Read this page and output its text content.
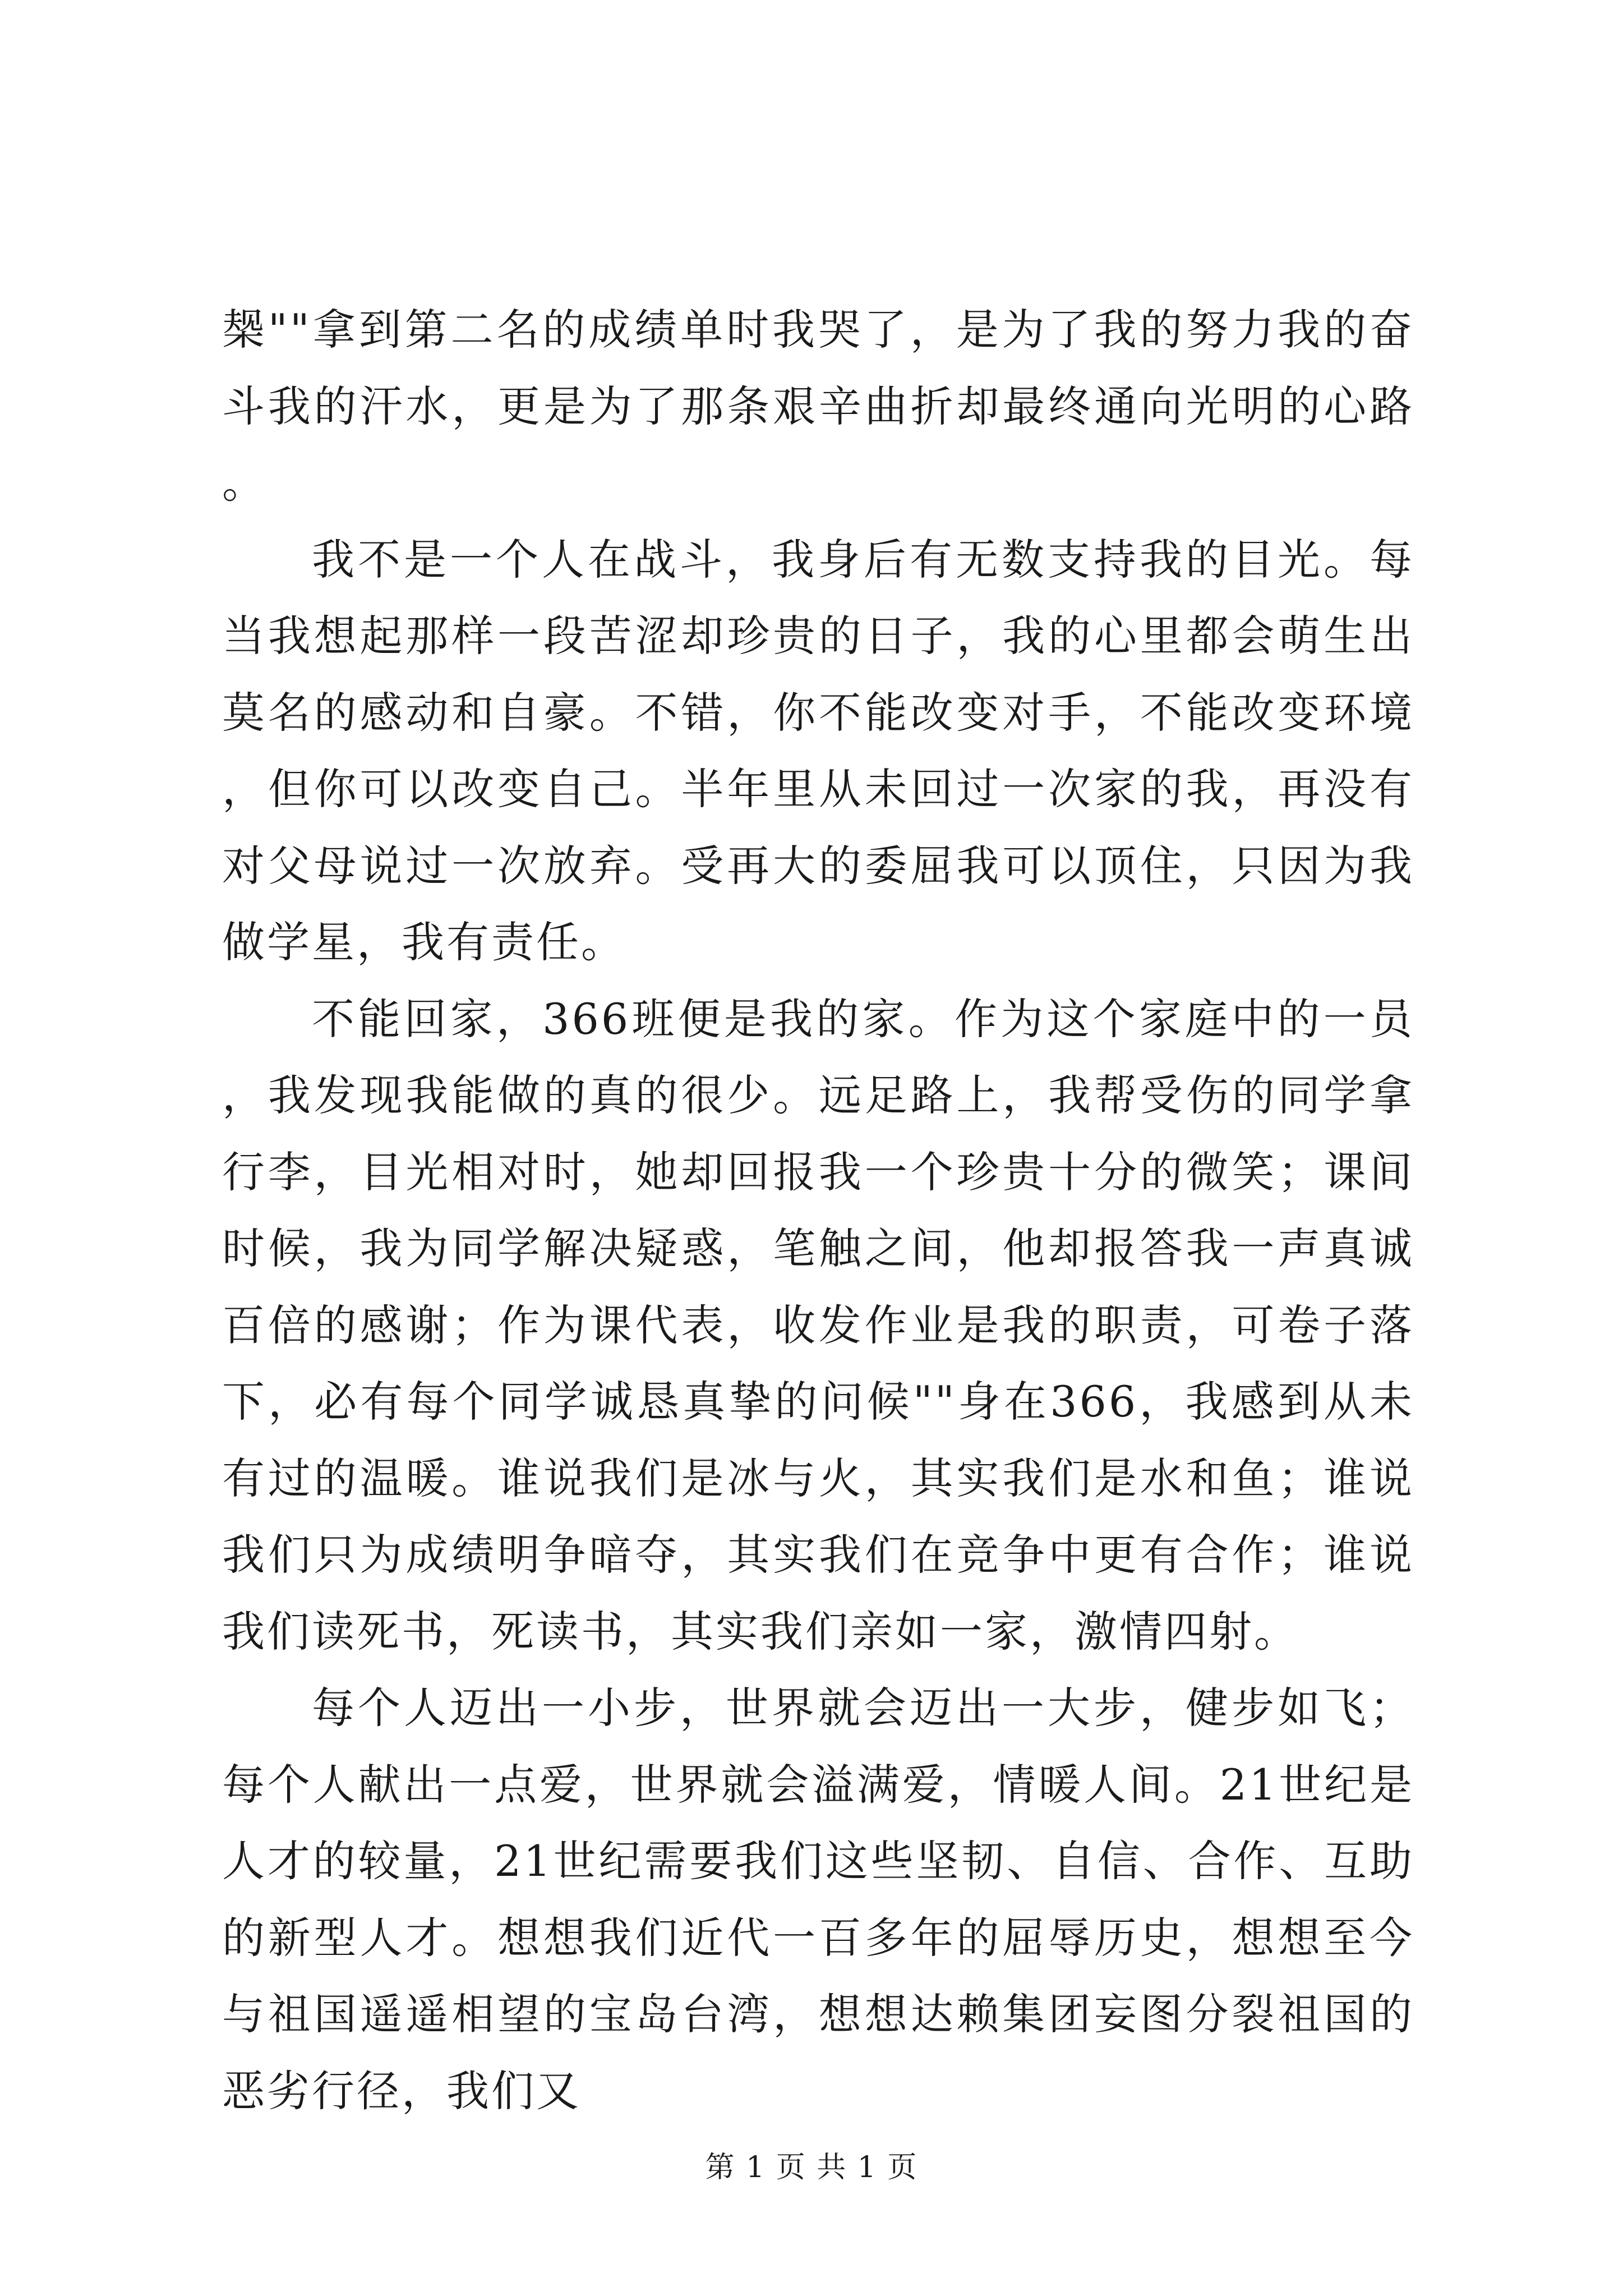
椝""拿到第二名的成绩单时我哭了，是为了我的努力我的奋斗我的汗水，更是为了那条艰辛曲折却最终通向光明的心路。

我不是一个人在战斗，我身后有无数支持我的目光。每当我想起那样一段苦涩却珍贵的日子，我的心里都会萌生出莫名的感动和自豪。不错，你不能改变对手，不能改变环境，但你可以改变自己。半年里从未回过一次家的我，再没有对父母说过一次放弃。受再大的委屈我可以顶住，只因为我做学星，我有责任。

不能回家，366班便是我的家。作为这个家庭中的一员，我发现我能做的真的很少。远足路上，我帮受伤的同学拿行李，目光相对时，她却回报我一个珍贵十分的微笑；课间时候，我为同学解决疑惑，笔触之间，他却报答我一声真诚百倍的感谢；作为课代表，收发作业是我的职责，可卷子落下，必有每个同学诚恳真挚的问候""身在366，我感到从未有过的温暖。谁说我们是冰与火，其实我们是水和鱼；谁说我们只为成绩明争暗夺，其实我们在竞争中更有合作；谁说我们读死书，死读书，其实我们亲如一家，激情四射。

每个人迈出一小步，世界就会迈出一大步，健步如飞；每个人献出一点爱，世界就会溢满爱，情暖人间。21世纪是人才的较量，21世纪需要我们这些坚韧、自信、合作、互助的新型人才。想想我们近代一百多年的屈辱历史，想想至今与祖国遥遥相望的宝岛台湾，想想达赖集团妄图分裂祖国的恶劣行径，我们又

第 1 页 共 1 页
